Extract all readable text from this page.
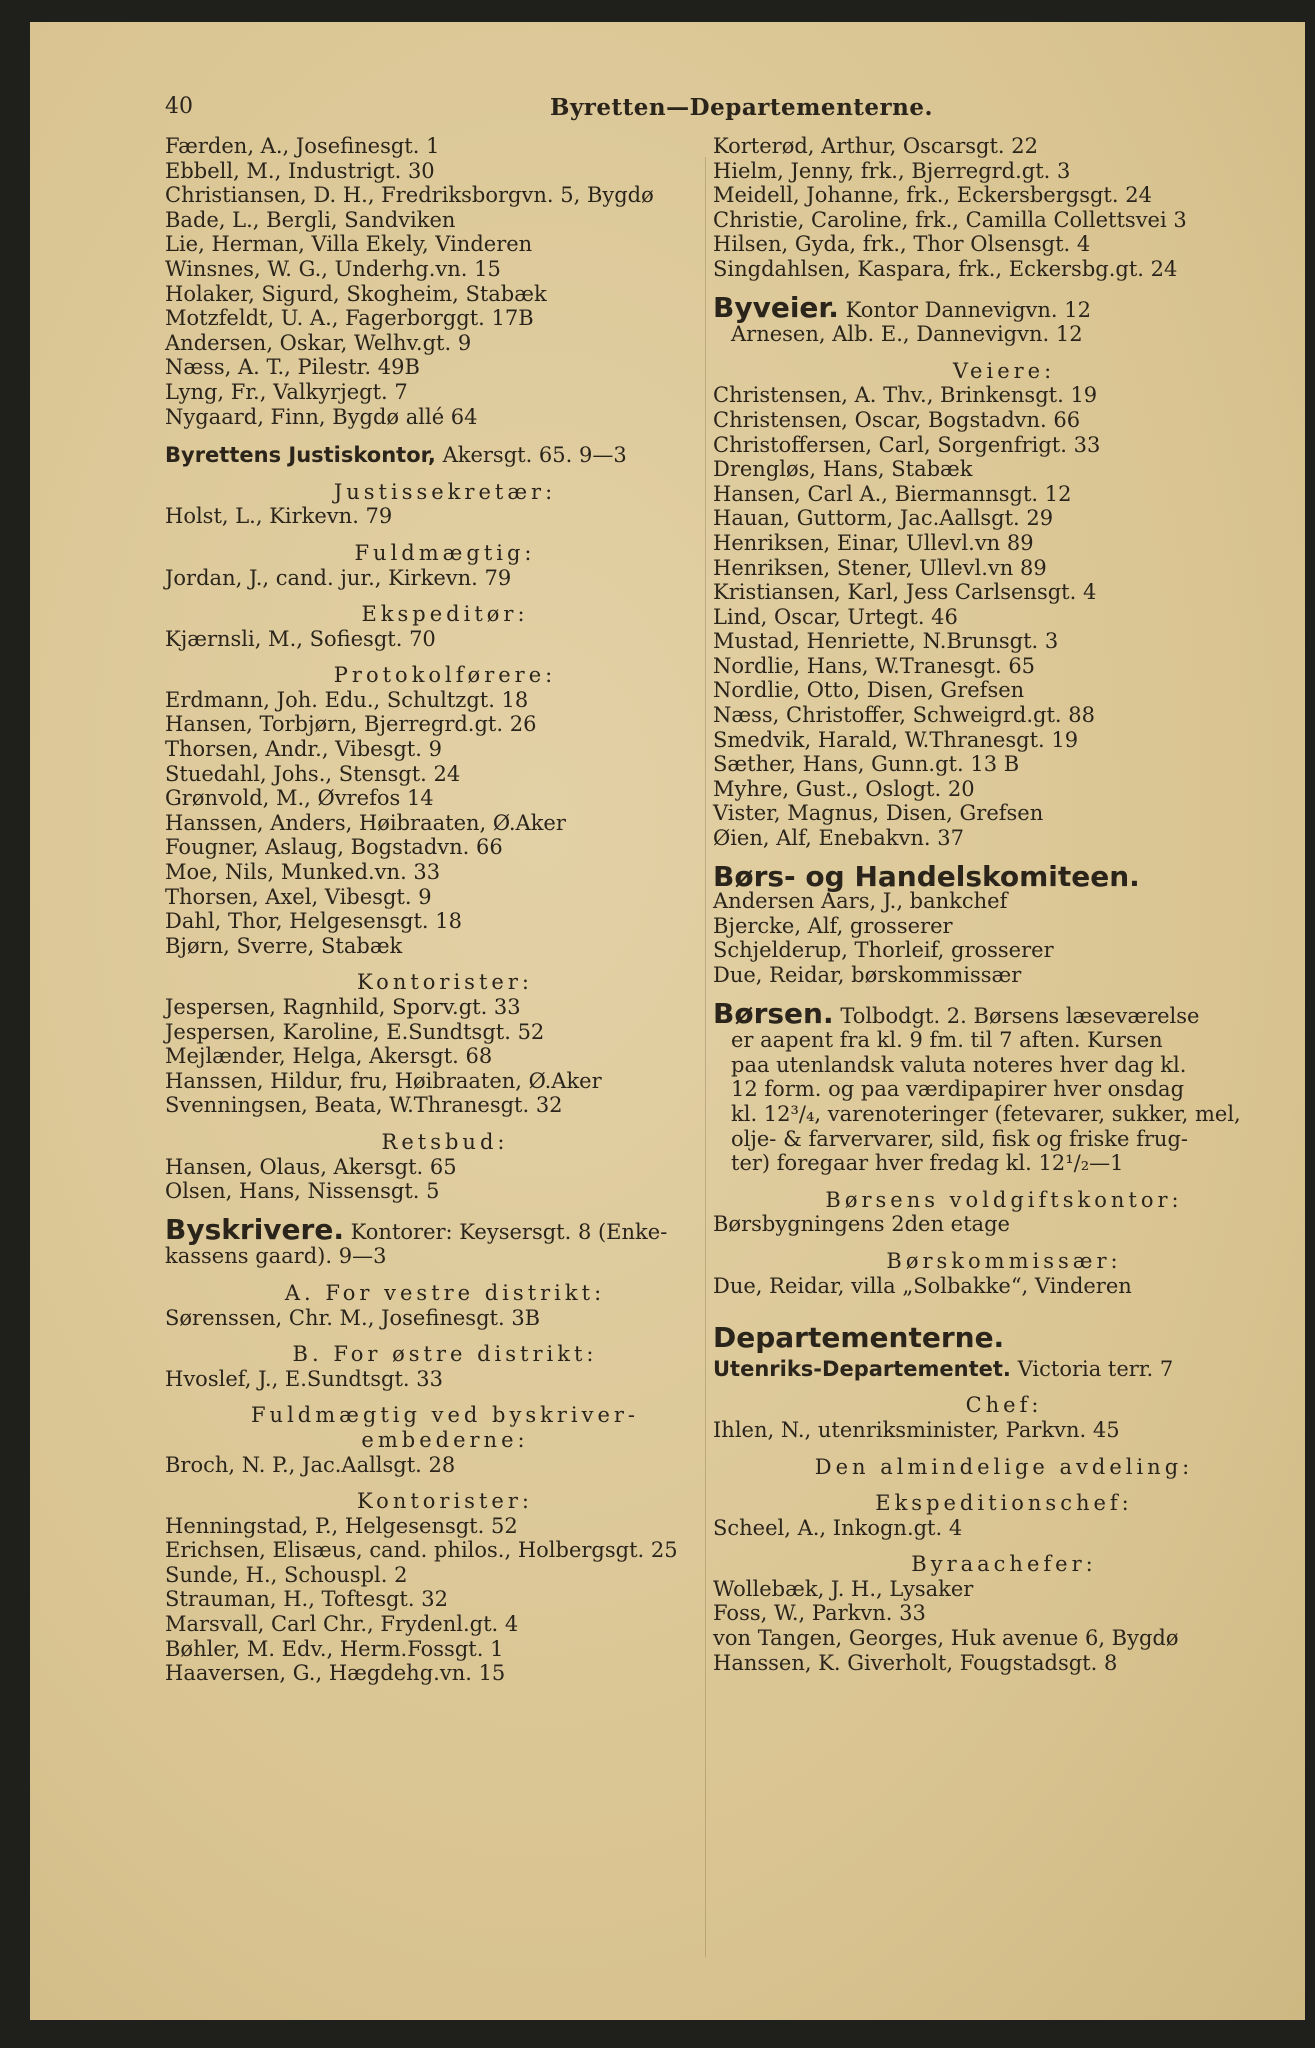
40	Byretten—Departementerne.
Færden, A., Josefinesgt. 1
Ebbell, M., Industrigt. 30
Christiansen, D. H., Fredriksborgvn. 5, Bygdø
Bade, L., Bergli, Sandviken
Lie, Herman, Villa Ekely, Vinderen
Winsnes, W. G., Underhg.vn. 15
Holaker, Sigurd, Skogheim, Stabæk
Motzfeldt, U. A., Fagerborggt. 17B
Andersen, Oskar, Welhv.gt. 9
Næss, A. T., Pilestr. 49B
Lyng, Fr., Valkyrjegt. 7
Nygaard, Finn, Bygdø allé 64
Byrettens Justiskontor, Akersgt. 65. 9—3
Justissekretær:
Holst, L., Kirkevn. 79
Fuldmægtig:
Jordan, J., cand. jur., Kirkevn. 79
Ekspeditør:
Kjærnsli, M., Sofiesgt. 70
Protokolførere:
Erdmann, Joh. Edu., Schultzgt. 18
Hansen, Torbjørn, Bjerregrd.gt. 26
Thorsen, Andr., Vibesgt. 9
Stuedahl, Johs., Stensgt. 24
Grønvold, M., Øvrefos 14
Hanssen, Anders, Høibraaten, Ø.Aker
Fougner, Aslaug, Bogstadvn. 66
Moe, Nils, Munked.vn. 33
Thorsen, Axel, Vibesgt. 9
Dahl, Thor, Helgesensgt. 18
Bjørn, Sverre, Stabæk
Kontorister:
Jespersen, Ragnhild, Sporv.gt. 33
Jespersen, Karoline, E.Sundtsgt. 52
Mejlænder, Helga, Akersgt. 68
Hanssen, Hildur, fru, Høibraaten, Ø.Aker
Svenningsen, Beata, W.Thranesgt. 32
Retsbud:
Hansen, Olaus, Akersgt. 65
Olsen, Hans, Nissensgt. 5
Byskrivere. Kontorer: Keysersgt. 8 (Enke-
kassens gaard). 9—3
A. For vestre distrikt:
Sørenssen, Chr. M., Josefinesgt. 3B
B. For østre distrikt:
Hvoslef, J., E.Sundtsgt. 33
Fuldmægtig ved byskriver-
embederne:
Broch, N. P., Jac.Aallsgt. 28
Kontorister:
Henningstad, P., Helgesensgt. 52
Erichsen, Elisæus, cand. philos., Holbergsgt. 25
Sunde, H., Schouspl. 2
Strauman, H., Toftesgt. 32
Marsvall, Carl Chr., Frydenl.gt. 4
Bøhler, M. Edv., Herm.Fossgt. 1
Haaversen, G., Hægdehg.vn. 15
Korterød, Arthur, Oscarsgt. 22
Hielm, Jenny, frk., Bjerregrd.gt. 3
Meidell, Johanne, frk., Eckersbergsgt. 24
Christie, Caroline, frk., Camilla Collettsvei 3
Hilsen, Gyda, frk., Thor Olsensgt. 4
Singdahlsen, Kaspara, frk., Eckersbg.gt. 24
Byveier. Kontor Dannevigvn. 12
Arnesen, Alb. E., Dannevigvn. 12
Veiere:
Christensen, A. Thv., Brinkensgt. 19
Christensen, Oscar, Bogstadvn. 66
Christoffersen, Carl, Sorgenfrigt. 33
Drengløs, Hans, Stabæk
Hansen, Carl A., Biermannsgt. 12
Hauan, Guttorm, Jac.Aallsgt. 29
Henriksen, Einar, Ullevl.vn 89
Henriksen, Stener, Ullevl.vn 89
Kristiansen, Karl, Jess Carlsensgt. 4
Lind, Oscar, Urtegt. 46
Mustad, Henriette, N.Brunsgt. 3
Nordlie, Hans, W.Tranesgt. 65
Nordlie, Otto, Disen, Grefsen
Næss, Christoffer, Schweigrd.gt. 88
Smedvik, Harald, W.Thranesgt. 19
Sæther, Hans, Gunn.gt. 13 B
Myhre, Gust., Oslogt. 20
Vister, Magnus, Disen, Grefsen
Øien, Alf, Enebakvn. 37
Børs- og Handelskomiteen.
Andersen Aars, J., bankchef
Bjercke, Alf, grosserer
Schjelderup, Thorleif, grosserer
Due, Reidar, børskommissær
Børsen. Tolbodgt. 2. Børsens læseværelse
er aapent fra kl. 9 fm. til 7 aften. Kursen
paa utenlandsk valuta noteres hver dag kl.
12 form. og paa værdipapirer hver onsdag
kl. 12³/₄, varenoteringer (fetevarer, sukker, mel,
olje- & farvervarer, sild, fisk og friske frug-
ter) foregaar hver fredag kl. 12¹/₂—1
Børsens voldgiftskontor:
Børsbygningens 2den etage
Børskommissær:
Due, Reidar, villa „Solbakke“, Vinderen
Departementerne.
Utenriks-Departementet. Victoria terr. 7
Chef:
Ihlen, N., utenriksminister, Parkvn. 45
Den almindelige avdeling:
Ekspeditionschef:
Scheel, A., Inkogn.gt. 4
Byraachefer:
Wollebæk, J. H., Lysaker
Foss, W., Parkvn. 33
von Tangen, Georges, Huk avenue 6, Bygdø
Hanssen, K. Giverholt, Fougstadsgt. 8
